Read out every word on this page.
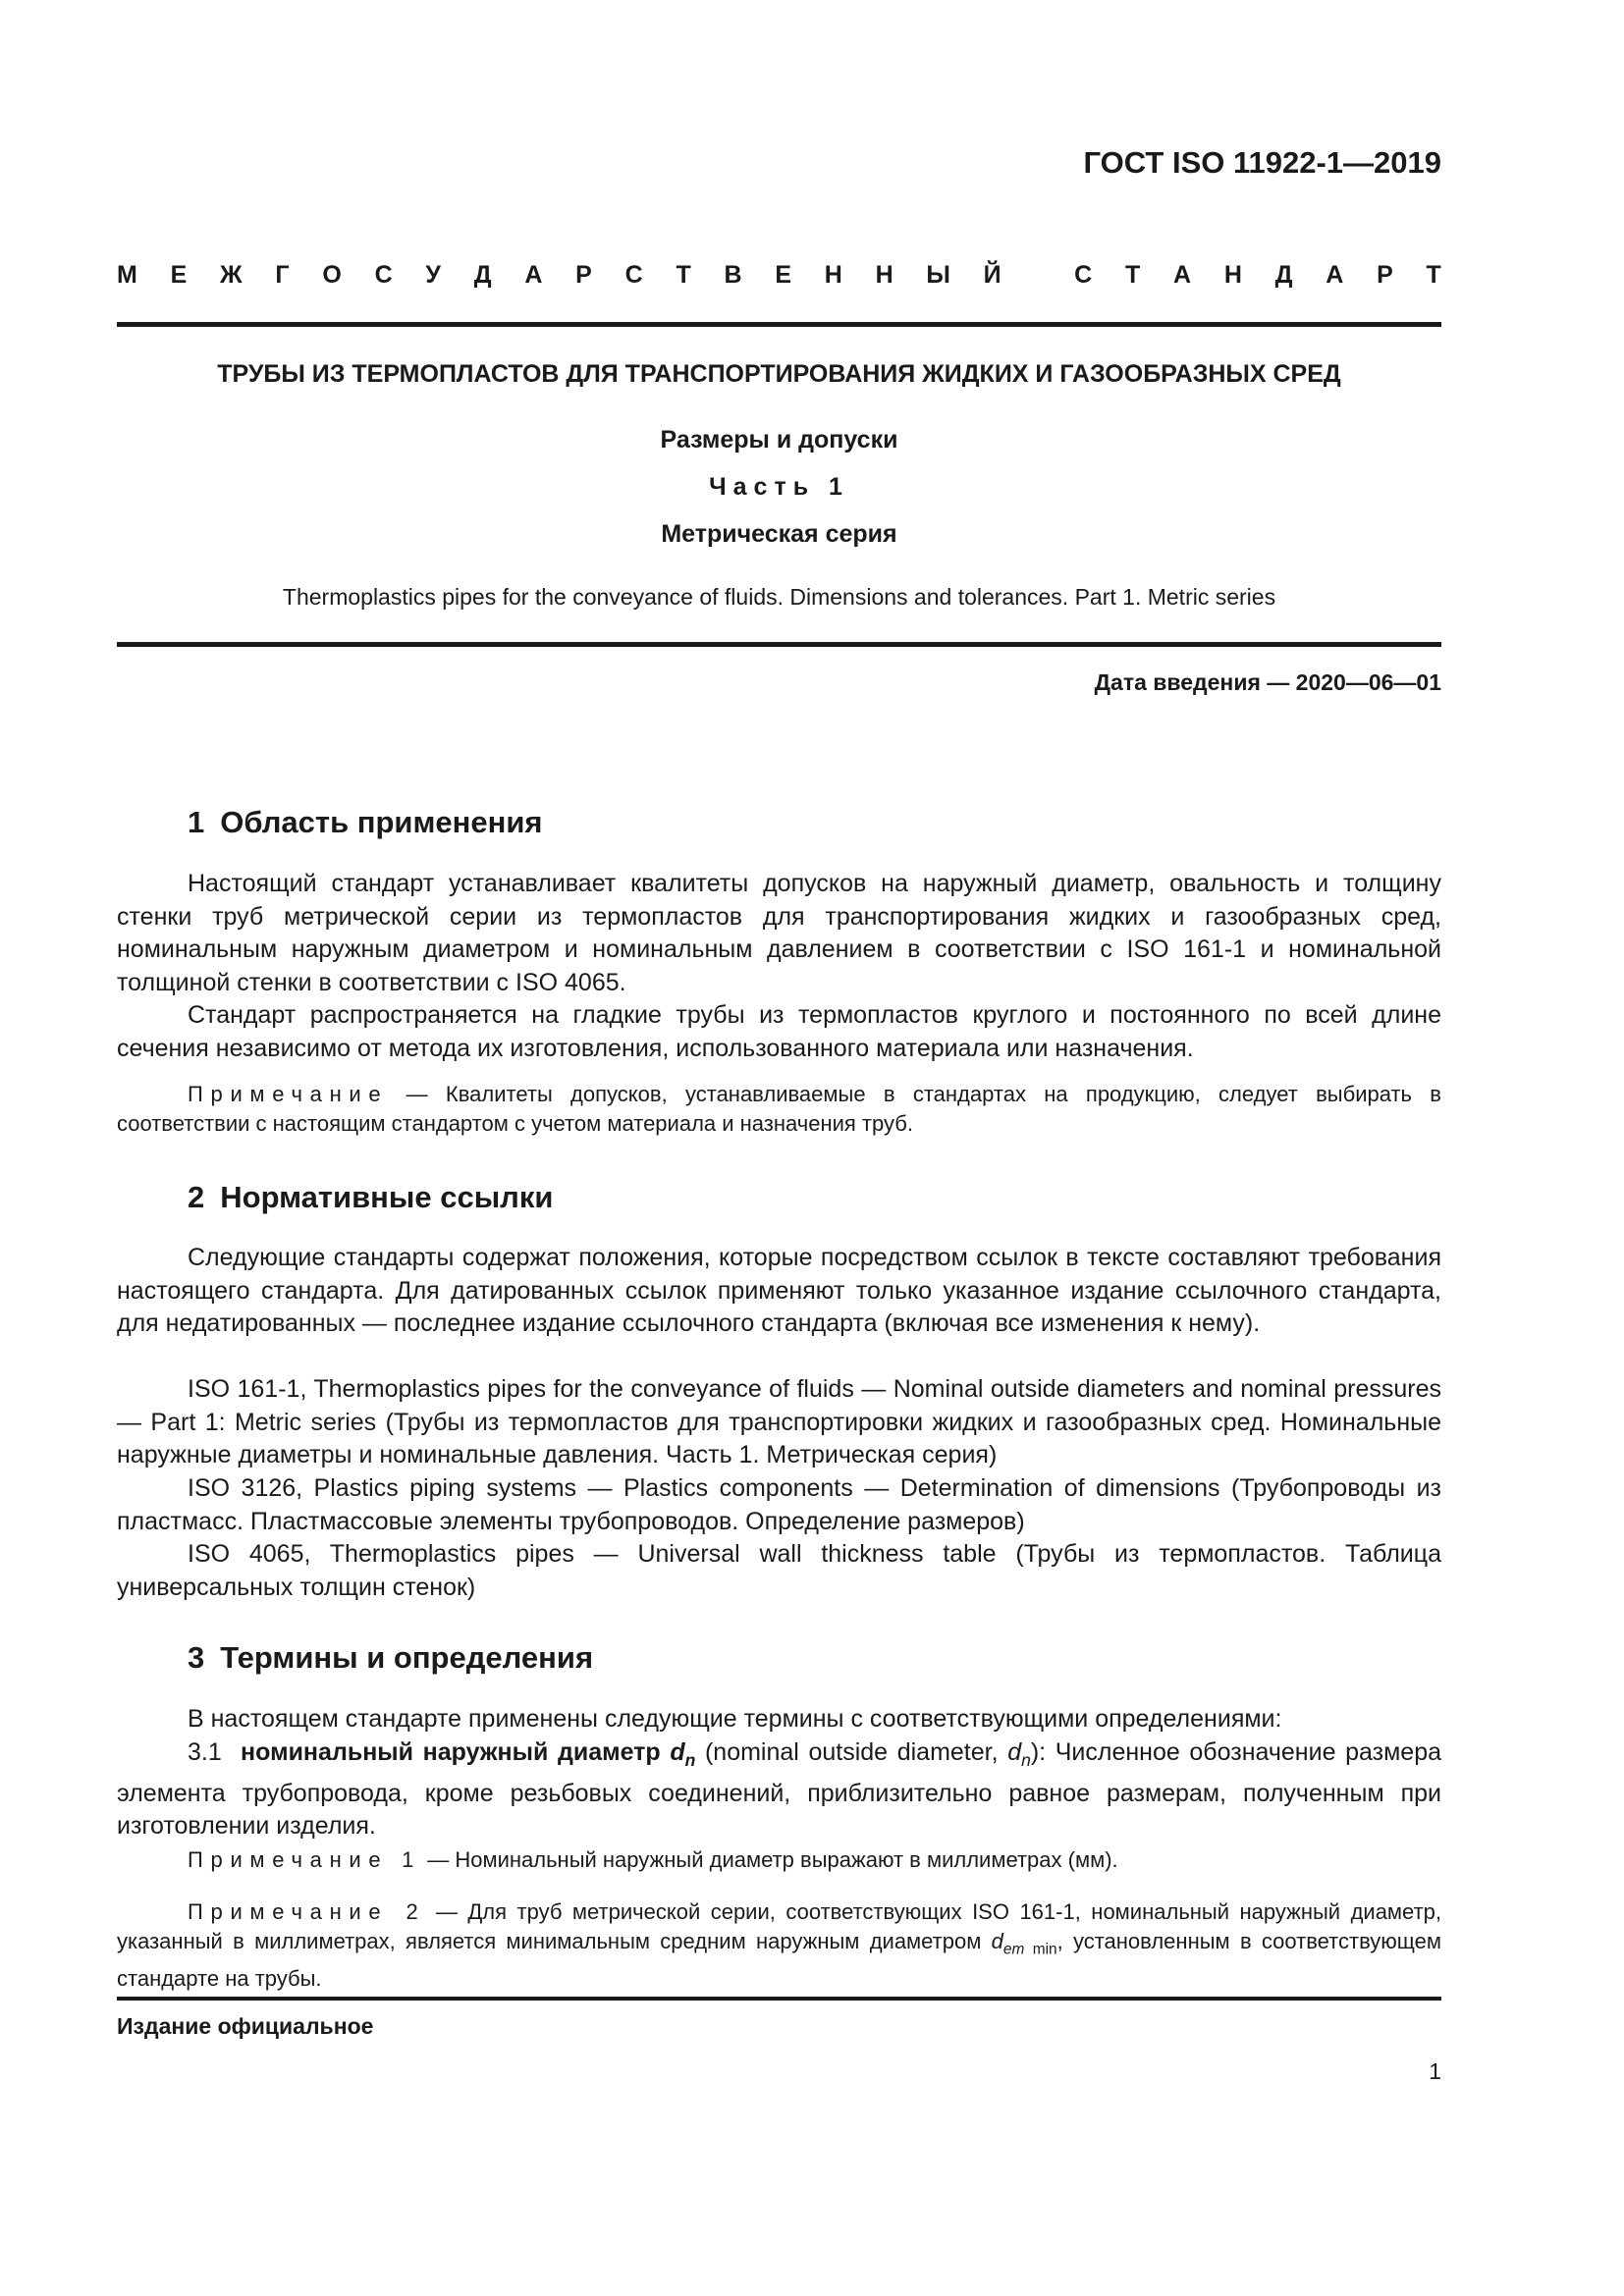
ГОСТ ISO 11922-1—2019
М Е Ж Г О С У Д А Р С Т В Е Н Н Ы Й
	С Т А Н Д А Р Т
ТРУБЫ ИЗ ТЕРМОПЛАСТОВ ДЛЯ ТРАНСПОРТИРОВАНИЯ ЖИДКИХ И ГАЗООБРАЗНЫХ СРЕД
Размеры и допуски
Часть 1
Метрическая серия
Thermoplastics pipes for the conveyance of fluids. Dimensions and tolerances. Part 1. Metric series
Дата введения — 2020—06—01
1 Область применения
Настоящий стандарт устанавливает квалитеты допусков на наружный диаметр, овальность и толщину стенки труб метрической серии из термопластов для транспортирования жидких и газообразных сред, номинальным наружным диаметром и номинальным давлением в соответствии с ISO 161-1 и номинальной толщиной стенки в соответствии с ISO 4065.
Стандарт распространяется на гладкие трубы из термопластов круглого и постоянного по всей длине сечения независимо от метода их изготовления, использованного материала или назначения.
Примечание — Квалитеты допусков, устанавливаемые в стандартах на продукцию, следует выбирать в соответствии с настоящим стандартом с учетом материала и назначения труб.
2 Нормативные ссылки
Следующие стандарты содержат положения, которые посредством ссылок в тексте составляют требования настоящего стандарта. Для датированных ссылок применяют только указанное издание ссылочного стандарта, для недатированных — последнее издание ссылочного стандарта (включая все изменения к нему).
ISO 161-1, Thermoplastics pipes for the conveyance of fluids — Nominal outside diameters and nominal pressures — Part 1: Metric series (Трубы из термопластов для транспортировки жидких и газообразных сред. Номинальные наружные диаметры и номинальные давления. Часть 1. Метрическая серия)
ISO 3126, Plastics piping systems — Plastics components — Determination of dimensions (Трубопроводы из пластмасс. Пластмассовые элементы трубопроводов. Определение размеров)
ISO 4065, Thermoplastics pipes — Universal wall thickness table (Трубы из термопластов. Таблица универсальных толщин стенок)
3 Термины и определения
В настоящем стандарте применены следующие термины с соответствующими определениями:
3.1 номинальный наружный диаметр $d_n$ (nominal outside diameter, $d_n$): Численное обозначение размера элемента трубопровода, кроме резьбовых соединений, приблизительно равное размерам, полученным при изготовлении изделия.
Примечание 1 — Номинальный наружный диаметр выражают в миллиметрах (мм).
Примечание 2 — Для труб метрической серии, соответствующих ISO 161-1, номинальный наружный диаметр, указанный в миллиметрах, является минимальным средним наружным диаметром $d_{em min}$, установленным в соответствующем стандарте на трубы.
Издание официальное
1
